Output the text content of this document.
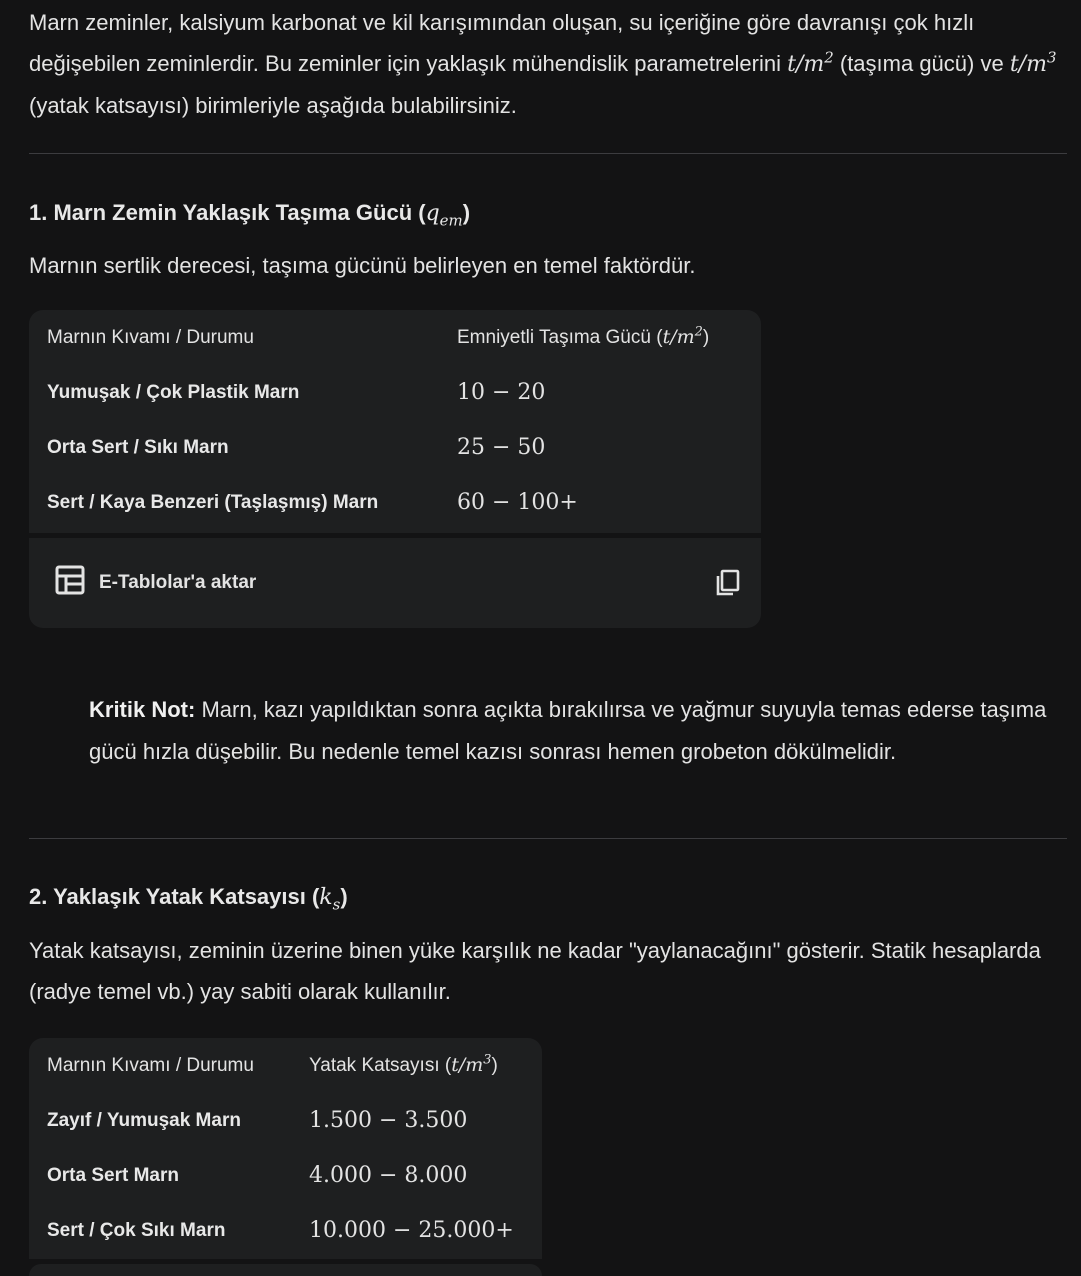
Marn zeminler, kalsiyum karbonat ve kil karışımından oluşan, su içeriğine göre davranışı çok hızlı değişebilen zeminlerdir. Bu zeminler için yaklaşık mühendislik parametrelerini $t/m^2$ (taşıma gücü) ve $t/m^3$ (yatak katsayısı) birimleriyle aşağıda bulabilirsiniz.

1. Marn Zemin Yaklaşık Taşıma Gücü $(q_{em})$

Marnın sertlik derecesi, taşıma gücünü belirleyen en temel faktördür.

Marnın Kıvamı / Durumu	Emniyetli Taşıma Gücü $(t/m^2)$
Yumuşak / Çok Plastik Marn	10 − 20
Orta Sert / Sıkı Marn	25 − 50
Sert / Kaya Benzeri (Taşlaşmış) Marn	60 − 100+
E-Tablolar'a aktar

Kritik Not: Marn, kazı yapıldıktan sonra açıkta bırakılırsa ve yağmur suyuyla temas ederse taşıma gücü hızla düşebilir. Bu nedenle temel kazısı sonrası hemen grobeton dökülmelidir.

2. Yaklaşık Yatak Katsayısı $(k_s)$

Yatak katsayısı, zeminin üzerine binen yüke karşılık ne kadar "yaylanacağını" gösterir. Statik hesaplarda (radye temel vb.) yay sabiti olarak kullanılır.

Marnın Kıvamı / Durumu	Yatak Katsayısı $(t/m^3)$
Zayıf / Yumuşak Marn	1.500 − 3.500
Orta Sert Marn	4.000 − 8.000
Sert / Çok Sıkı Marn	10.000 − 25.000+
